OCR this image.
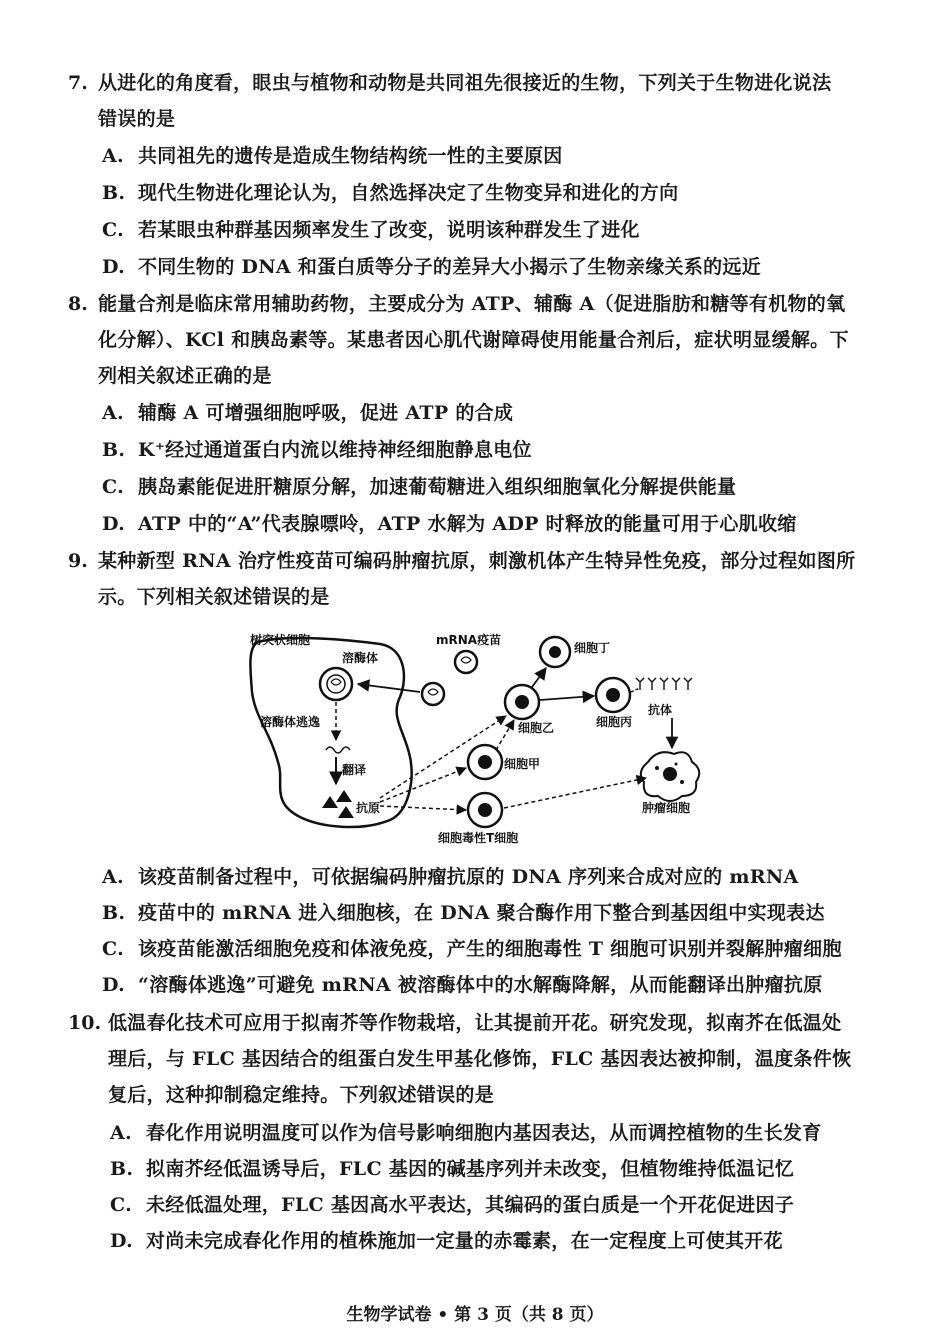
7. 从进化的角度看，眼虫与植物和动物是共同祖先很接近的生物，下列关于生物进化说法
错误的是
A. 共同祖先的遗传是造成生物结构统一性的主要原因
B. 现代生物进化理论认为，自然选择决定了生物变异和进化的方向
C. 若某眼虫种群基因频率发生了改变，说明该种群发生了进化
D. 不同生物的 DNA 和蛋白质等分子的差异大小揭示了生物亲缘关系的远近
8. 能量合剂是临床常用辅助药物，主要成分为 ATP、辅酶 A（促进脂肪和糖等有机物的氧
化分解）、KCl 和胰岛素等。某患者因心肌代谢障碍使用能量合剂后，症状明显缓解。下
列相关叙述正确的是
A. 辅酶 A 可增强细胞呼吸，促进 ATP 的合成
B. K⁺经过通道蛋白内流以维持神经细胞静息电位
C. 胰岛素能促进肝糖原分解，加速葡萄糖进入组织细胞氧化分解提供能量
D. ATP 中的“A”代表腺嘌呤，ATP 水解为 ADP 时释放的能量可用于心肌收缩
9. 某种新型 RNA 治疗性疫苗可编码肿瘤抗原，刺激机体产生特异性免疫，部分过程如图所
示。下列相关叙述错误的是
树突状细胞
溶酶体
mRNA疫苗
溶酶体逃逸
翻译
抗原
细胞甲
细胞乙
细胞丁
细胞丙
细胞毒性T细胞
抗体
肿瘤细胞
A. 该疫苗制备过程中，可依据编码肿瘤抗原的 DNA 序列来合成对应的 mRNA
B. 疫苗中的 mRNA 进入细胞核，在 DNA 聚合酶作用下整合到基因组中实现表达
C. 该疫苗能激活细胞免疫和体液免疫，产生的细胞毒性 T 细胞可识别并裂解肿瘤细胞
D. “溶酶体逃逸”可避免 mRNA 被溶酶体中的水解酶降解，从而能翻译出肿瘤抗原
10. 低温春化技术可应用于拟南芥等作物栽培，让其提前开花。研究发现，拟南芥在低温处
理后，与 FLC 基因结合的组蛋白发生甲基化修饰，FLC 基因表达被抑制，温度条件恢
复后，这种抑制稳定维持。下列叙述错误的是
A. 春化作用说明温度可以作为信号影响细胞内基因表达，从而调控植物的生长发育
B. 拟南芥经低温诱导后，FLC 基因的碱基序列并未改变，但植物维持低温记忆
C. 未经低温处理，FLC 基因高水平表达，其编码的蛋白质是一个开花促进因子
D. 对尚未完成春化作用的植株施加一定量的赤霉素，在一定程度上可使其开花
生物学试卷 • 第 3 页（共 8 页）
